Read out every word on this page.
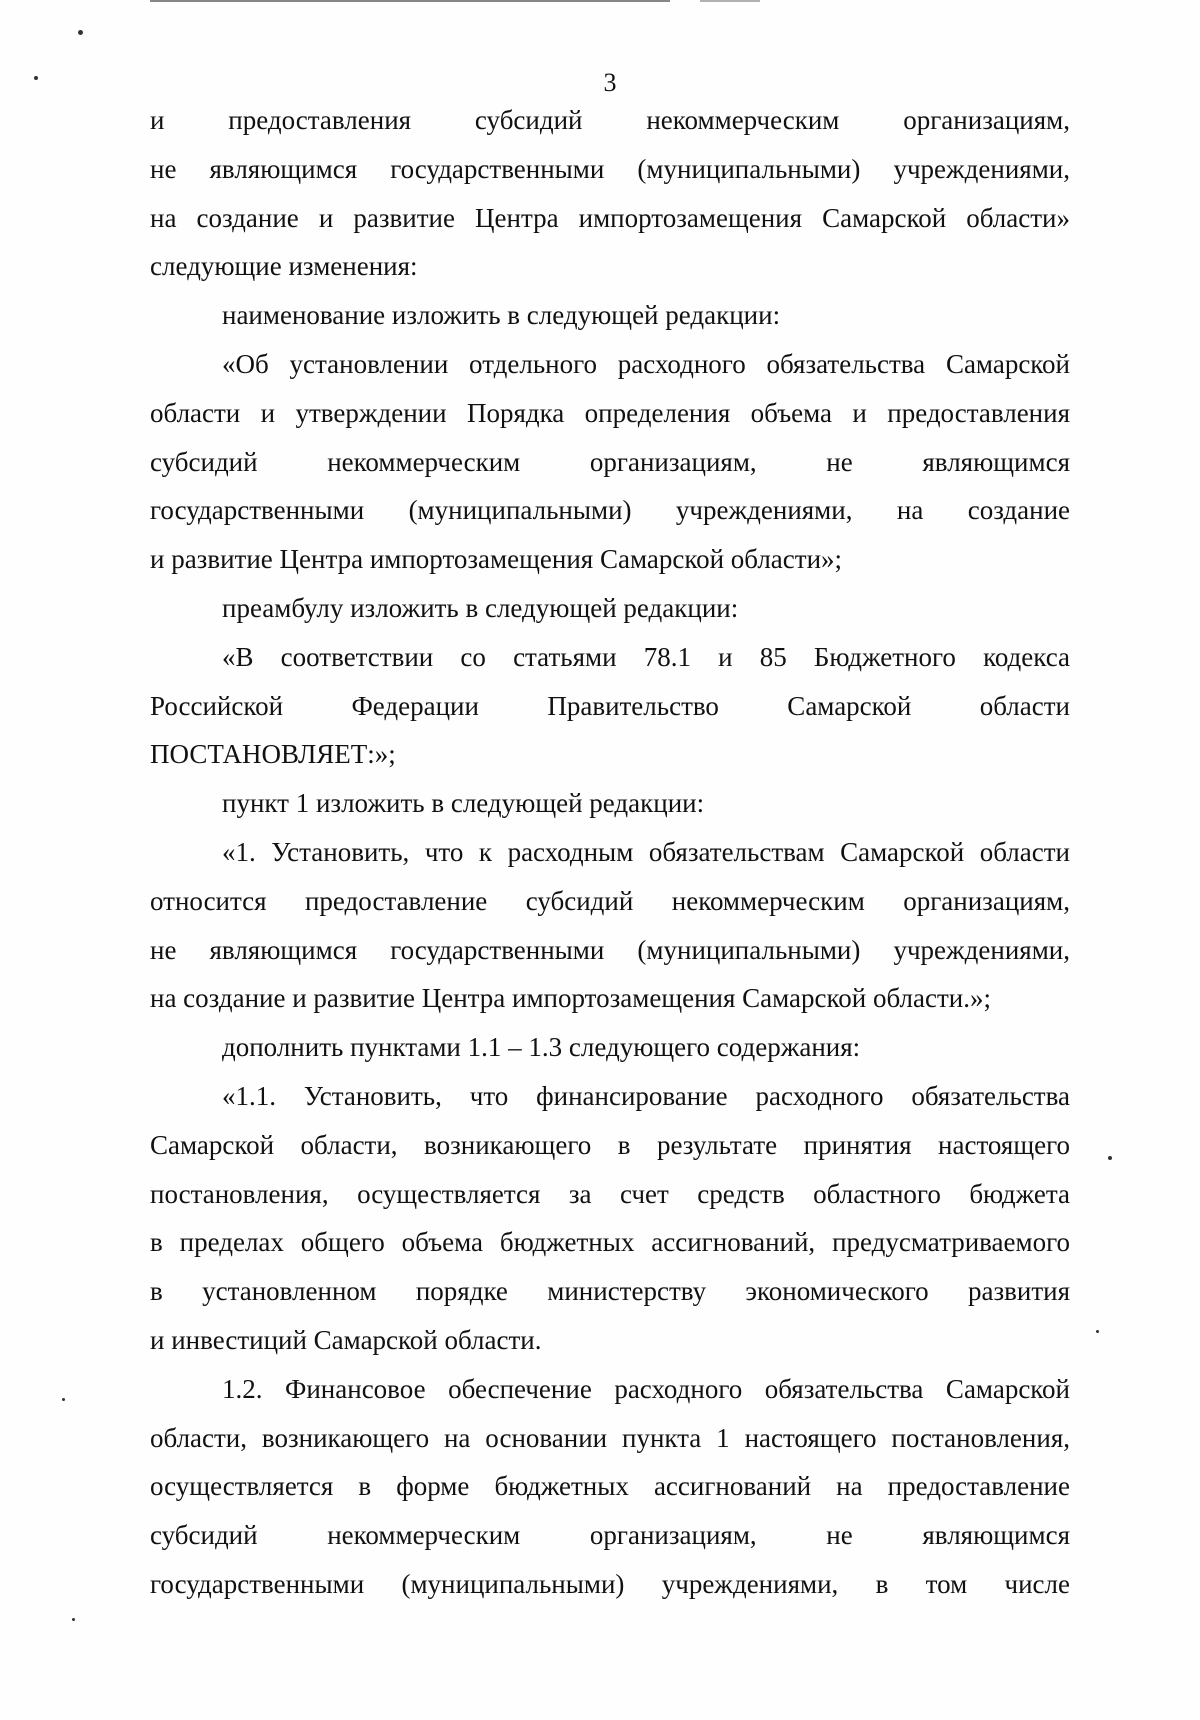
3
и предоставления субсидий некоммерческим организациям,
не являющимся государственными (муниципальными) учреждениями,
на создание и развитие Центра импортозамещения Самарской области»
следующие изменения:
наименование изложить в следующей редакции:
«Об установлении отдельного расходного обязательства Самарской
области и утверждении Порядка определения объема и предоставления
субсидий некоммерческим организациям, не являющимся
государственными (муниципальными) учреждениями, на создание
и развитие Центра импортозамещения Самарской области»;
преамбулу изложить в следующей редакции:
«В соответствии со статьями 78.1 и 85 Бюджетного кодекса
Российской Федерации Правительство Самарской области
ПОСТАНОВЛЯЕТ:»;
пункт 1 изложить в следующей редакции:
«1. Установить, что к расходным обязательствам Самарской области
относится предоставление субсидий некоммерческим организациям,
не являющимся государственными (муниципальными) учреждениями,
на создание и развитие Центра импортозамещения Самарской области.»;
дополнить пунктами 1.1 – 1.3 следующего содержания:
«1.1. Установить, что финансирование расходного обязательства
Самарской области, возникающего в результате принятия настоящего
постановления, осуществляется за счет средств областного бюджета
в пределах общего объема бюджетных ассигнований, предусматриваемого
в установленном порядке министерству экономического развития
и инвестиций Самарской области.
1.2. Финансовое обеспечение расходного обязательства Самарской
области, возникающего на основании пункта 1 настоящего постановления,
осуществляется в форме бюджетных ассигнований на предоставление
субсидий некоммерческим организациям, не являющимся
государственными (муниципальными) учреждениями, в том числе
